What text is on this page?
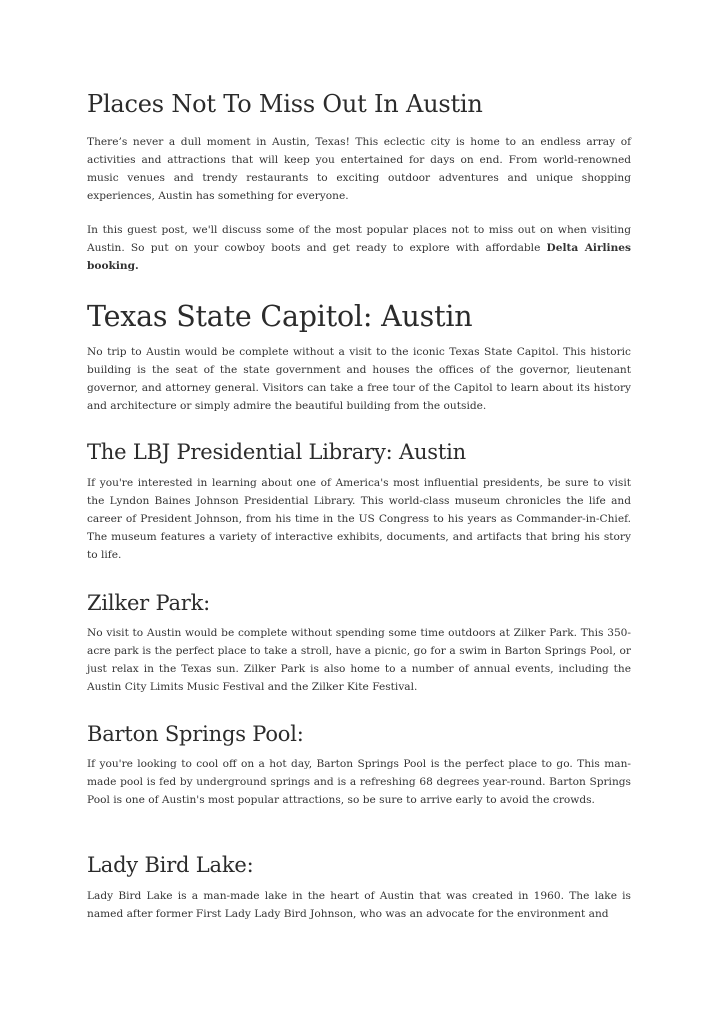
Places Not To Miss Out In Austin

There’s never a dull moment in Austin, Texas! This eclectic city is home to an endless array of activities and attractions that will keep you entertained for days on end. From world-renowned music venues and trendy restaurants to exciting outdoor adventures and unique shopping experiences, Austin has something for everyone.

In this guest post, we'll discuss some of the most popular places not to miss out on when visiting Austin. So put on your cowboy boots and get ready to explore with affordable Delta Airlines booking.

Texas State Capitol: Austin

No trip to Austin would be complete without a visit to the iconic Texas State Capitol. This historic building is the seat of the state government and houses the offices of the governor, lieutenant governor, and attorney general. Visitors can take a free tour of the Capitol to learn about its history and architecture or simply admire the beautiful building from the outside.

The LBJ Presidential Library: Austin

If you're interested in learning about one of America's most influential presidents, be sure to visit the Lyndon Baines Johnson Presidential Library. This world-class museum chronicles the life and career of President Johnson, from his time in the US Congress to his years as Commander-in-Chief. The museum features a variety of interactive exhibits, documents, and artifacts that bring his story to life.

Zilker Park:

No visit to Austin would be complete without spending some time outdoors at Zilker Park. This 350-acre park is the perfect place to take a stroll, have a picnic, go for a swim in Barton Springs Pool, or just relax in the Texas sun. Zilker Park is also home to a number of annual events, including the Austin City Limits Music Festival and the Zilker Kite Festival.

Barton Springs Pool:

If you're looking to cool off on a hot day, Barton Springs Pool is the perfect place to go. This man-made pool is fed by underground springs and is a refreshing 68 degrees year-round. Barton Springs Pool is one of Austin's most popular attractions, so be sure to arrive early to avoid the crowds.

Lady Bird Lake:

Lady Bird Lake is a man-made lake in the heart of Austin that was created in 1960. The lake is named after former First Lady Lady Bird Johnson, who was an advocate for the environment and
